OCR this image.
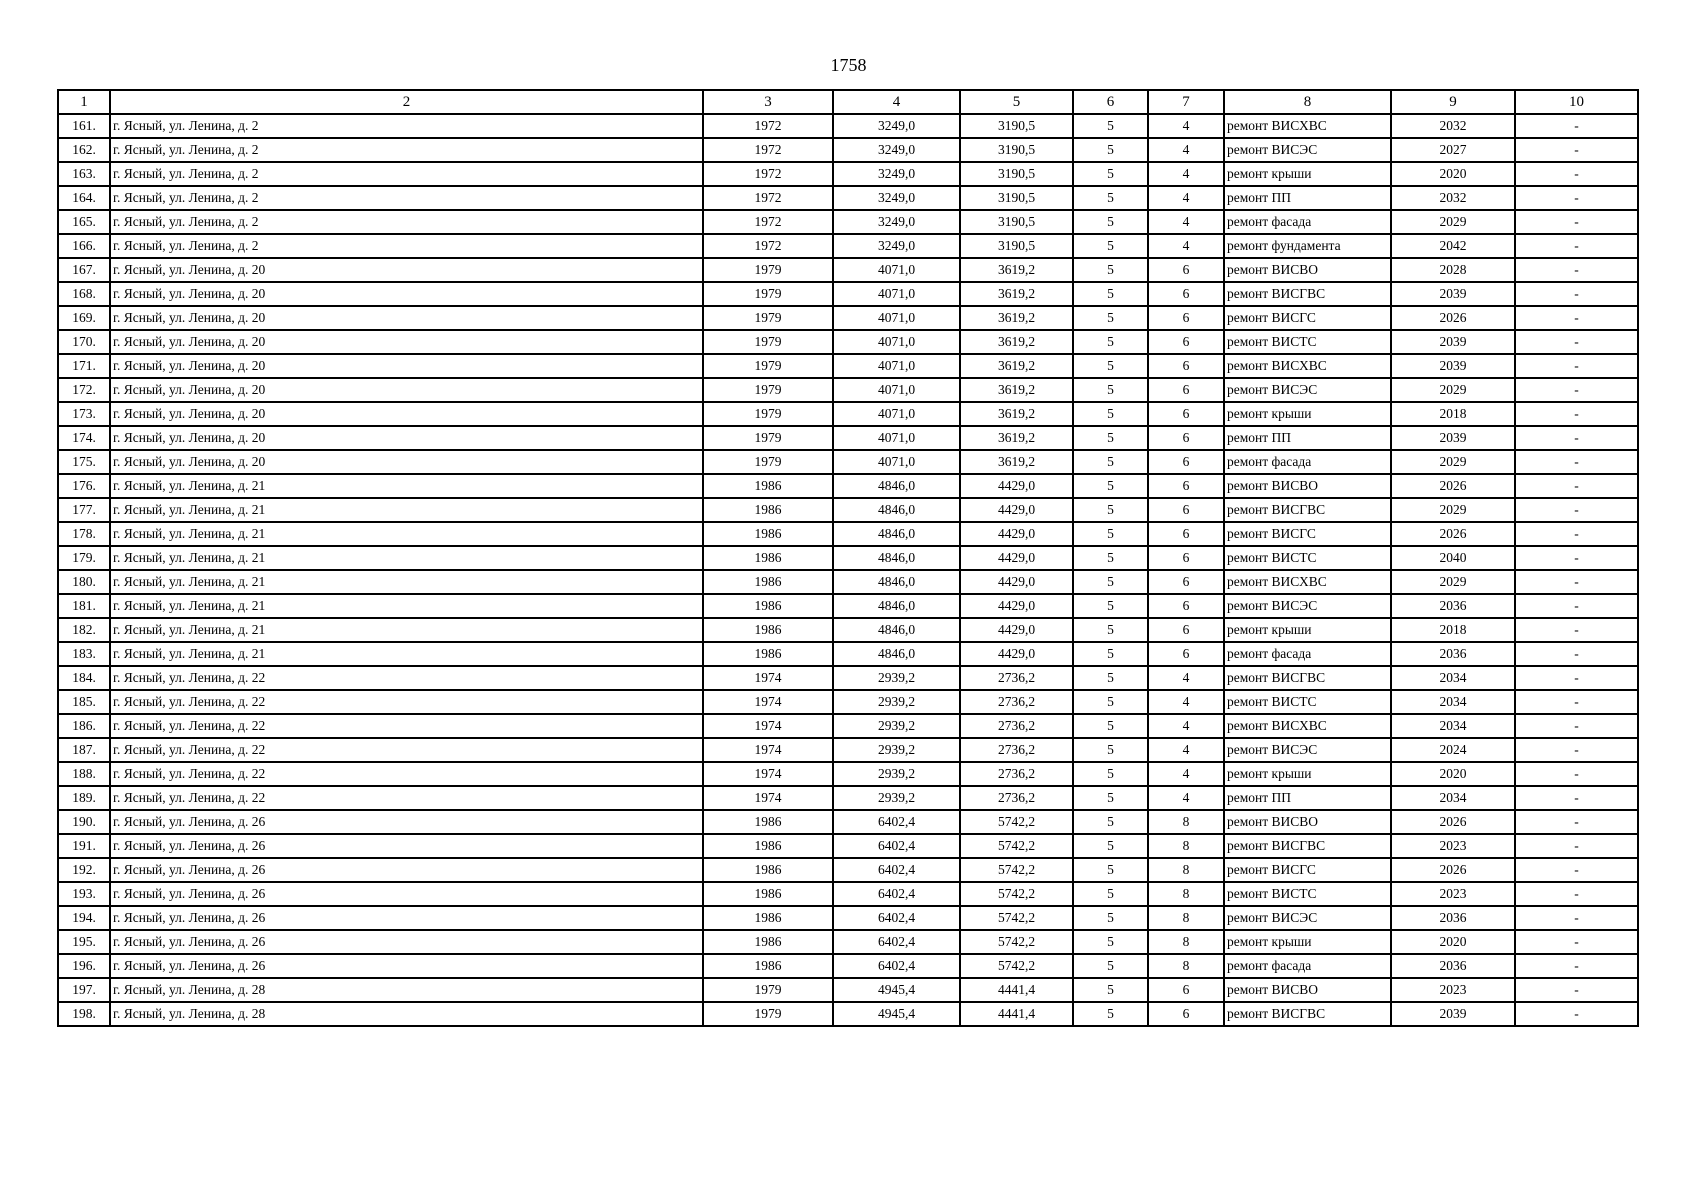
1758
1	2	3	4	5	6	7	8	9	10
161.	г. Ясный, ул. Ленина, д. 2	1972	3249,0	3190,5	5	4	ремонт ВИСХВС	2032	-
162.	г. Ясный, ул. Ленина, д. 2	1972	3249,0	3190,5	5	4	ремонт ВИСЭС	2027	-
163.	г. Ясный, ул. Ленина, д. 2	1972	3249,0	3190,5	5	4	ремонт крыши	2020	-
164.	г. Ясный, ул. Ленина, д. 2	1972	3249,0	3190,5	5	4	ремонт ПП	2032	-
165.	г. Ясный, ул. Ленина, д. 2	1972	3249,0	3190,5	5	4	ремонт фасада	2029	-
166.	г. Ясный, ул. Ленина, д. 2	1972	3249,0	3190,5	5	4	ремонт фундамента	2042	-
167.	г. Ясный, ул. Ленина, д. 20	1979	4071,0	3619,2	5	6	ремонт ВИСВО	2028	-
168.	г. Ясный, ул. Ленина, д. 20	1979	4071,0	3619,2	5	6	ремонт ВИСГВС	2039	-
169.	г. Ясный, ул. Ленина, д. 20	1979	4071,0	3619,2	5	6	ремонт ВИСГС	2026	-
170.	г. Ясный, ул. Ленина, д. 20	1979	4071,0	3619,2	5	6	ремонт ВИСТС	2039	-
171.	г. Ясный, ул. Ленина, д. 20	1979	4071,0	3619,2	5	6	ремонт ВИСХВС	2039	-
172.	г. Ясный, ул. Ленина, д. 20	1979	4071,0	3619,2	5	6	ремонт ВИСЭС	2029	-
173.	г. Ясный, ул. Ленина, д. 20	1979	4071,0	3619,2	5	6	ремонт крыши	2018	-
174.	г. Ясный, ул. Ленина, д. 20	1979	4071,0	3619,2	5	6	ремонт ПП	2039	-
175.	г. Ясный, ул. Ленина, д. 20	1979	4071,0	3619,2	5	6	ремонт фасада	2029	-
176.	г. Ясный, ул. Ленина, д. 21	1986	4846,0	4429,0	5	6	ремонт ВИСВО	2026	-
177.	г. Ясный, ул. Ленина, д. 21	1986	4846,0	4429,0	5	6	ремонт ВИСГВС	2029	-
178.	г. Ясный, ул. Ленина, д. 21	1986	4846,0	4429,0	5	6	ремонт ВИСГС	2026	-
179.	г. Ясный, ул. Ленина, д. 21	1986	4846,0	4429,0	5	6	ремонт ВИСТС	2040	-
180.	г. Ясный, ул. Ленина, д. 21	1986	4846,0	4429,0	5	6	ремонт ВИСХВС	2029	-
181.	г. Ясный, ул. Ленина, д. 21	1986	4846,0	4429,0	5	6	ремонт ВИСЭС	2036	-
182.	г. Ясный, ул. Ленина, д. 21	1986	4846,0	4429,0	5	6	ремонт крыши	2018	-
183.	г. Ясный, ул. Ленина, д. 21	1986	4846,0	4429,0	5	6	ремонт фасада	2036	-
184.	г. Ясный, ул. Ленина, д. 22	1974	2939,2	2736,2	5	4	ремонт ВИСГВС	2034	-
185.	г. Ясный, ул. Ленина, д. 22	1974	2939,2	2736,2	5	4	ремонт ВИСТС	2034	-
186.	г. Ясный, ул. Ленина, д. 22	1974	2939,2	2736,2	5	4	ремонт ВИСХВС	2034	-
187.	г. Ясный, ул. Ленина, д. 22	1974	2939,2	2736,2	5	4	ремонт ВИСЭС	2024	-
188.	г. Ясный, ул. Ленина, д. 22	1974	2939,2	2736,2	5	4	ремонт крыши	2020	-
189.	г. Ясный, ул. Ленина, д. 22	1974	2939,2	2736,2	5	4	ремонт ПП	2034	-
190.	г. Ясный, ул. Ленина, д. 26	1986	6402,4	5742,2	5	8	ремонт ВИСВО	2026	-
191.	г. Ясный, ул. Ленина, д. 26	1986	6402,4	5742,2	5	8	ремонт ВИСГВС	2023	-
192.	г. Ясный, ул. Ленина, д. 26	1986	6402,4	5742,2	5	8	ремонт ВИСГС	2026	-
193.	г. Ясный, ул. Ленина, д. 26	1986	6402,4	5742,2	5	8	ремонт ВИСТС	2023	-
194.	г. Ясный, ул. Ленина, д. 26	1986	6402,4	5742,2	5	8	ремонт ВИСЭС	2036	-
195.	г. Ясный, ул. Ленина, д. 26	1986	6402,4	5742,2	5	8	ремонт крыши	2020	-
196.	г. Ясный, ул. Ленина, д. 26	1986	6402,4	5742,2	5	8	ремонт фасада	2036	-
197.	г. Ясный, ул. Ленина, д. 28	1979	4945,4	4441,4	5	6	ремонт ВИСВО	2023	-
198.	г. Ясный, ул. Ленина, д. 28	1979	4945,4	4441,4	5	6	ремонт ВИСГВС	2039	-
